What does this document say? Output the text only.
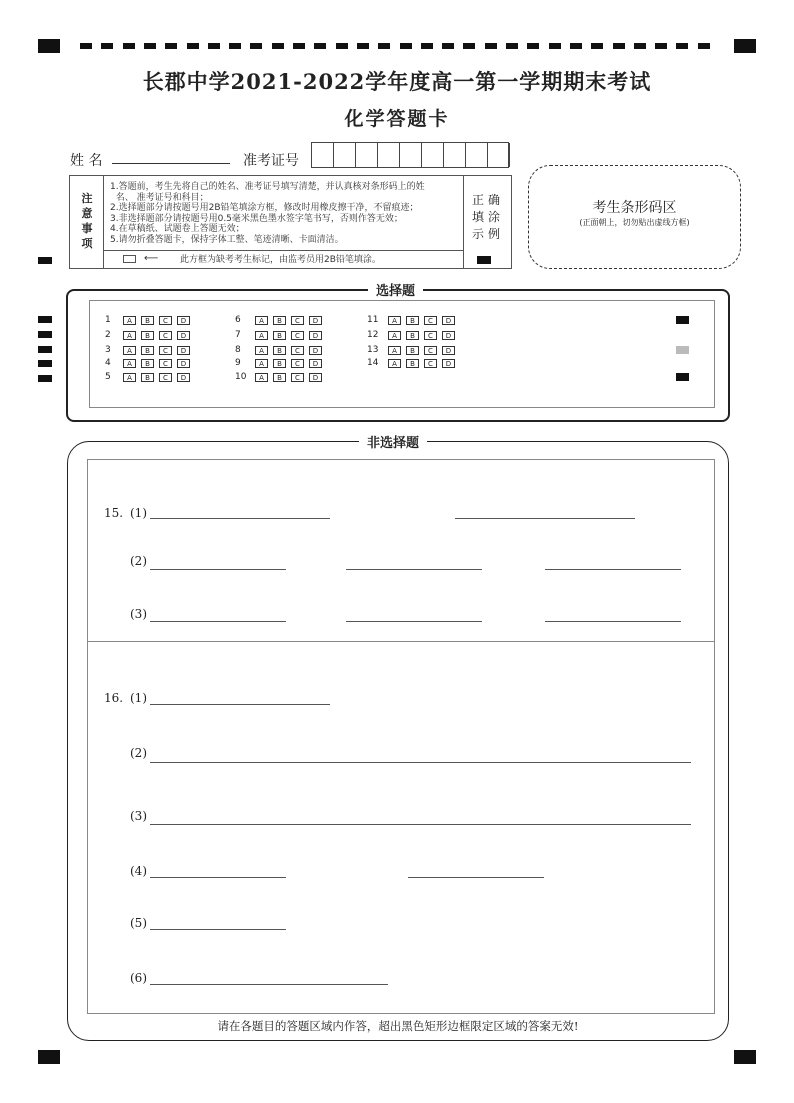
长郡中学2021-2022学年度高一第一学期期末考试
化学答题卡
姓 名	准考证号
注意事项
1.答题前，考生先将自己的姓名、准考证号填写清楚，并认真核对条形码上的姓
名、 准考证号和科目；
2.选择题部分请按题号用2B铅笔填涂方框，修改时用橡皮擦干净，不留痕迹；
3.非选择题部分请按题号用0.5毫米黑色墨水签字笔书写，否则作答无效；
4.在草稿纸、试题卷上答题无效；
5.请勿折叠答题卡，保持字体工整、笔迹清晰、卡面清洁。
⟵ 此方框为缺考考生标记，由监考员用2B铅笔填涂。
正确填涂示例
考生条形码区
(正面朝上，切勿贴出虚线方框)
选择题
1	A	B	C	D
2	A	B	C	D
3	A	B	C	D
4	A	B	C	D
5	A	B	C	D
6	A	B	C	D
7	A	B	C	D
8	A	B	C	D
9	A	B	C	D
10	A	B	C	D
11	A	B	C	D
12	A	B	C	D
13	A	B	C	D
14	A	B	C	D
非选择题
15. (1)
(2)
(3)
16. (1)
(2)
(3)
(4)
(5)
(6)
请在各题目的答题区域内作答，超出黑色矩形边框限定区域的答案无效!
